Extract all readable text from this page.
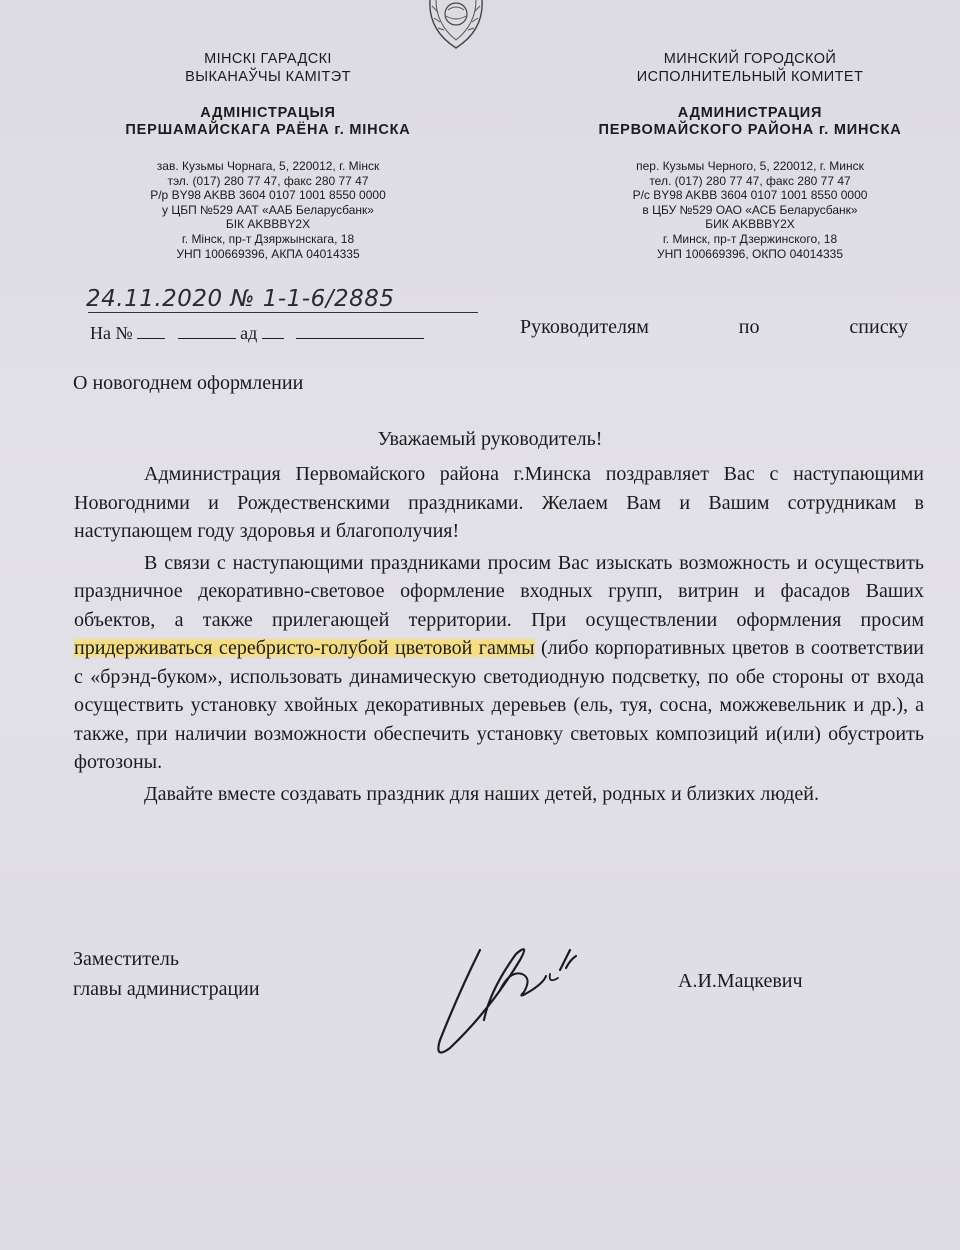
МІНСКІ ГАРАДСКІ
ВЫКАНАЎЧЫ КАМІТЭТ
АДМІНІСТРАЦЫЯ
ПЕРШАМАЙСКАГА РАЁНА г. МІНСКА
зав. Кузьмы Чорнага, 5, 220012, г. Мінск
тэл. (017) 280 77 47, факс 280 77 47
Р/р BY98 AKBB 3604 0107 1001 8550 0000
у ЦБП №529 ААТ «ААБ Беларусбанк»
БІК AKBBBY2X
г. Мінск, пр-т Дзяржынскага, 18
УНП 100669396, АКПА 04014335
МИНСКИЙ ГОРОДСКОЙ
ИСПОЛНИТЕЛЬНЫЙ КОМИТЕТ
АДМИНИСТРАЦИЯ
ПЕРВОМАЙСКОГО РАЙОНА г. МИНСКА
пер. Кузьмы Черного, 5, 220012, г. Минск
тел. (017) 280 77 47, факс 280 77 47
Р/с BY98 AKBB 3604 0107 1001 8550 0000
в ЦБУ №529 ОАО «АСБ Беларусбанк»
БИК AKBBBY2X
г. Минск, пр-т Дзержинского, 18
УНП 100669396, ОКПО 04014335
24.11.2020 № 1-1-6/2885
На №	ад	Руководителям	по	списку
О новогоднем оформлении
Уважаемый руководитель!

Администрация Первомайского района г.Минска поздравляет Вас с наступающими Новогодними и Рождественскими праздниками. Желаем Вам и Вашим сотрудникам в наступающем году здоровья и благополучия!

В связи с наступающими праздниками просим Вас изыскать возможность и осуществить праздничное декоративно-световое оформление входных групп, витрин и фасадов Ваших объектов, а также прилегающей территории. При осуществлении оформления просим придерживаться серебристо-голубой цветовой гаммы (либо корпоративных цветов в соответствии с «брэнд-буком», использовать динамическую светодиодную подсветку, по обе стороны от входа осуществить установку хвойных декоративных деревьев (ель, туя, сосна, можжевельник и др.), а также, при наличии возможности обеспечить установку световых композиций и(или) обустроить фотозоны.

Давайте вместе создавать праздник для наших детей, родных и близких людей.

Заместитель
главы администрации	А.И.Мацкевич
